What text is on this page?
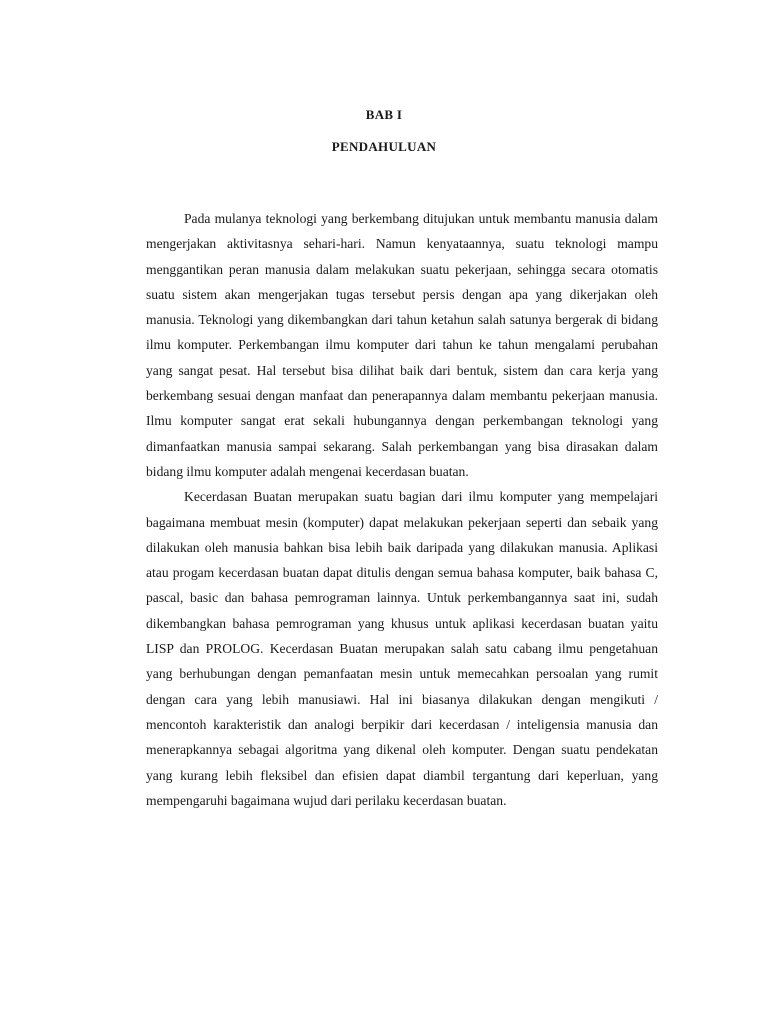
BAB I
PENDAHULUAN

Pada mulanya teknologi yang berkembang ditujukan untuk membantu manusia dalam mengerjakan aktivitasnya sehari-hari. Namun kenyataannya, suatu teknologi mampu menggantikan peran manusia dalam melakukan suatu pekerjaan, sehingga secara otomatis suatu sistem akan mengerjakan tugas tersebut persis dengan apa yang dikerjakan oleh manusia. Teknologi yang dikembangkan dari tahun ketahun salah satunya bergerak di bidang ilmu komputer. Perkembangan ilmu komputer dari tahun ke tahun mengalami perubahan yang sangat pesat. Hal tersebut bisa dilihat baik dari bentuk, sistem dan cara kerja yang berkembang sesuai dengan manfaat dan penerapannya dalam membantu pekerjaan manusia. Ilmu komputer sangat erat sekali hubungannya dengan perkembangan teknologi yang dimanfaatkan manusia sampai sekarang. Salah perkembangan yang bisa dirasakan dalam bidang ilmu komputer adalah mengenai kecerdasan buatan.

Kecerdasan Buatan merupakan suatu bagian dari ilmu komputer yang mempelajari bagaimana membuat mesin (komputer) dapat melakukan pekerjaan seperti dan sebaik yang dilakukan oleh manusia bahkan bisa lebih baik daripada yang dilakukan manusia. Aplikasi atau progam kecerdasan buatan dapat ditulis dengan semua bahasa komputer, baik bahasa C, pascal, basic dan bahasa pemrograman lainnya. Untuk perkembangannya saat ini, sudah dikembangkan bahasa pemrograman yang khusus untuk aplikasi kecerdasan buatan yaitu LISP dan PROLOG. Kecerdasan Buatan merupakan salah satu cabang ilmu pengetahuan yang berhubungan dengan pemanfaatan mesin untuk memecahkan persoalan yang rumit dengan cara yang lebih manusiawi. Hal ini biasanya dilakukan dengan mengikuti / mencontoh karakteristik dan analogi berpikir dari kecerdasan / inteligensia manusia dan menerapkannya sebagai algoritma yang dikenal oleh komputer. Dengan suatu pendekatan yang kurang lebih fleksibel dan efisien dapat diambil tergantung dari keperluan, yang mempengaruhi bagaimana wujud dari perilaku kecerdasan buatan.
